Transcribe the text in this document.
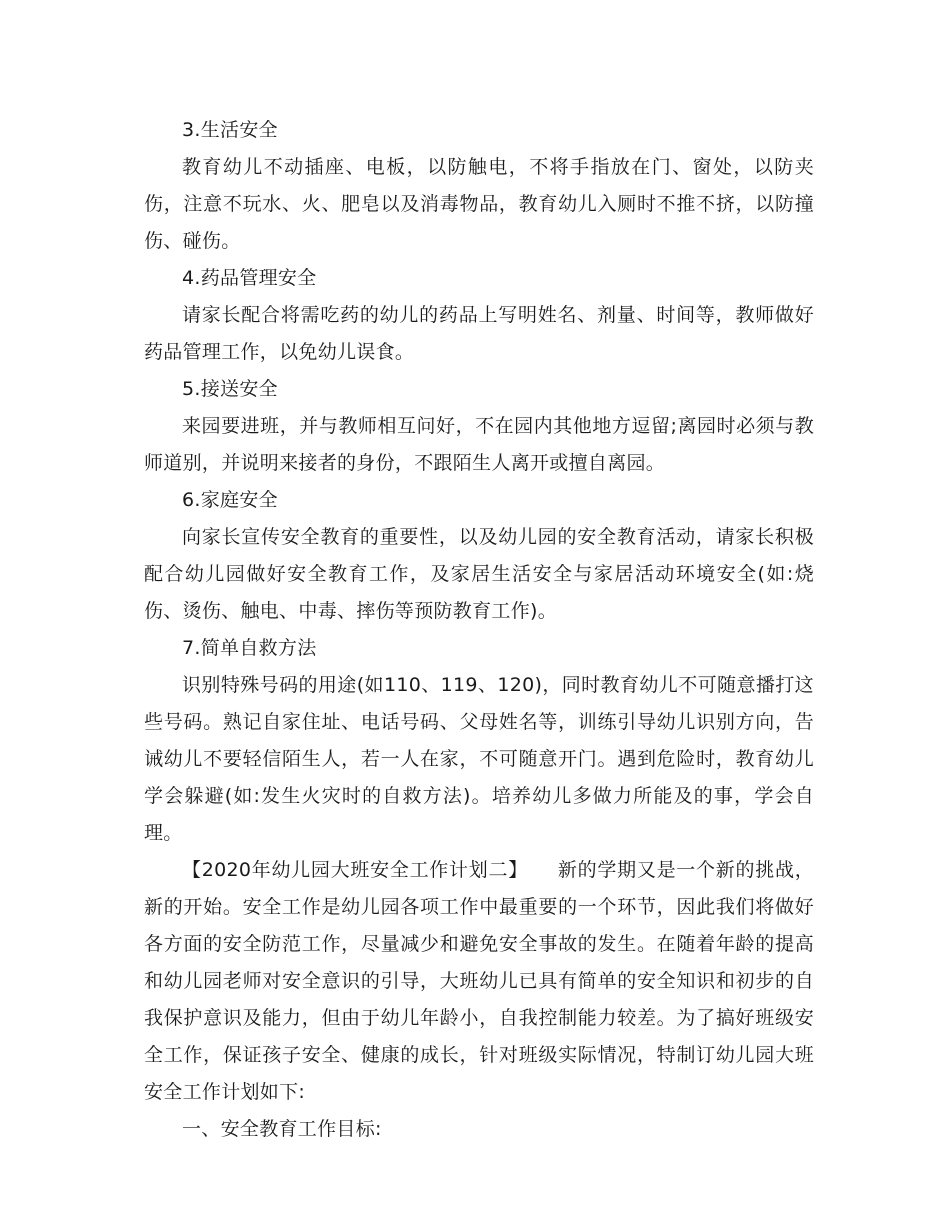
3.生活安全

教育幼儿不动插座、电板，以防触电，不将手指放在门、窗处，以防夹伤，注意不玩水、火、肥皂以及消毒物品，教育幼儿入厕时不推不挤，以防撞伤、碰伤。

4.药品管理安全

请家长配合将需吃药的幼儿的药品上写明姓名、剂量、时间等，教师做好药品管理工作，以免幼儿误食。

5.接送安全

来园要进班，并与教师相互问好，不在园内其他地方逗留;离园时必须与教师道别，并说明来接者的身份，不跟陌生人离开或擅自离园。

6.家庭安全

向家长宣传安全教育的重要性，以及幼儿园的安全教育活动，请家长积极配合幼儿园做好安全教育工作，及家居生活安全与家居活动环境安全(如:烧伤、烫伤、触电、中毒、摔伤等预防教育工作)。

7.简单自救方法

识别特殊号码的用途(如110、119、120)，同时教育幼儿不可随意播打这些号码。熟记自家住址、电话号码、父母姓名等，训练引导幼儿识别方向，告诫幼儿不要轻信陌生人，若一人在家，不可随意开门。遇到危险时，教育幼儿学会躲避(如:发生火灾时的自救方法)。培养幼儿多做力所能及的事，学会自理。

【2020年幼儿园大班安全工作计划二】　　新的学期又是一个新的挑战，新的开始。安全工作是幼儿园各项工作中最重要的一个环节，因此我们将做好各方面的安全防范工作，尽量减少和避免安全事故的发生。在随着年龄的提高和幼儿园老师对安全意识的引导，大班幼儿已具有简单的安全知识和初步的自我保护意识及能力，但由于幼儿年龄小，自我控制能力较差。为了搞好班级安全工作，保证孩子安全、健康的成长，针对班级实际情况，特制订幼儿园大班安全工作计划如下:

一、安全教育工作目标:
